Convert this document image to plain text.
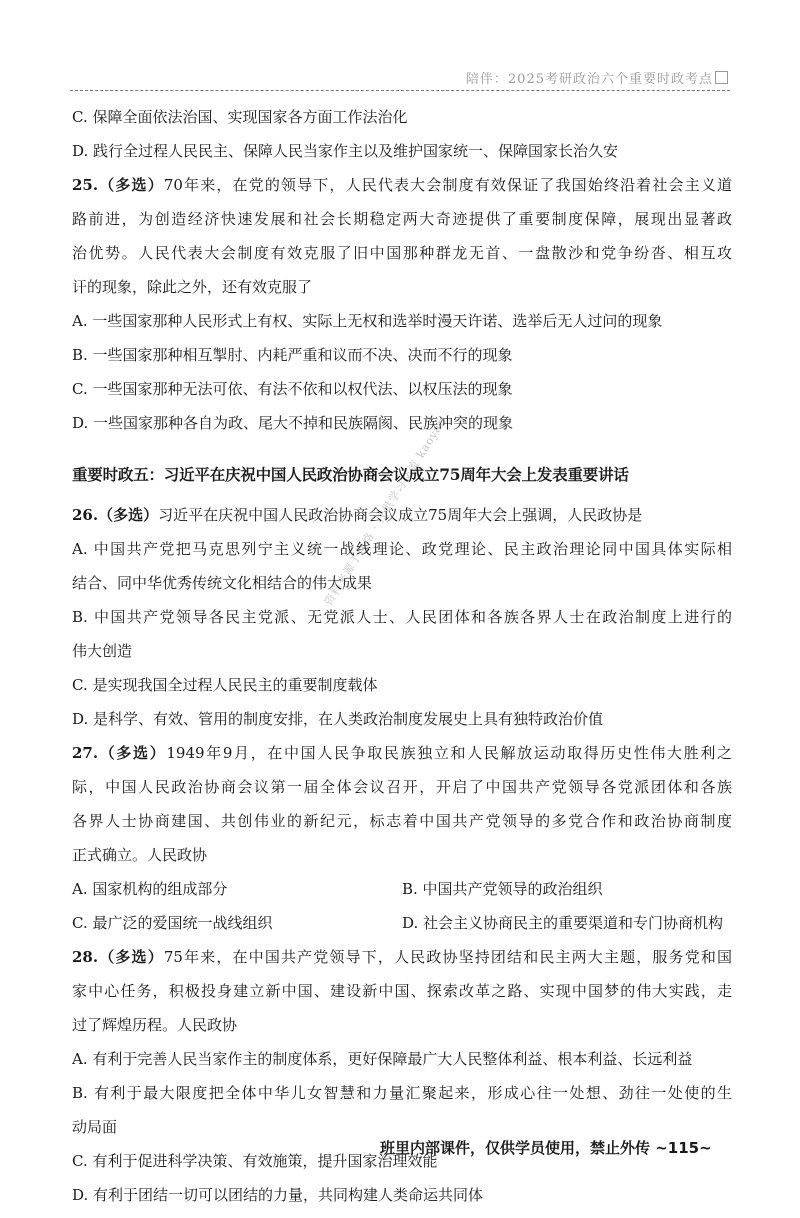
陪伴：2025考研政治六个重要时政考点
资料来源于网络 · 仅供学习交流 kaoyan
C. 保障全面依法治国、实现国家各方面工作法治化
D. 践行全过程人民民主、保障人民当家作主以及维护国家统一、保障国家长治久安
25.（多选）70年来，在党的领导下，人民代表大会制度有效保证了我国始终沿着社会主义道
路前进，为创造经济快速发展和社会长期稳定两大奇迹提供了重要制度保障，展现出显著政
治优势。人民代表大会制度有效克服了旧中国那种群龙无首、一盘散沙和党争纷沓、相互攻
讦的现象，除此之外，还有效克服了
A. 一些国家那种人民形式上有权、实际上无权和选举时漫天许诺、选举后无人过问的现象
B. 一些国家那种相互掣肘、内耗严重和议而不决、决而不行的现象
C. 一些国家那种无法可依、有法不依和以权代法、以权压法的现象
D. 一些国家那种各自为政、尾大不掉和民族隔阂、民族冲突的现象
重要时政五：习近平在庆祝中国人民政治协商会议成立75周年大会上发表重要讲话
26.（多选）习近平在庆祝中国人民政治协商会议成立75周年大会上强调，人民政协是
A. 中国共产党把马克思列宁主义统一战线理论、政党理论、民主政治理论同中国具体实际相
结合、同中华优秀传统文化相结合的伟大成果
B. 中国共产党领导各民主党派、无党派人士、人民团体和各族各界人士在政治制度上进行的
伟大创造
C. 是实现我国全过程人民民主的重要制度载体
D. 是科学、有效、管用的制度安排，在人类政治制度发展史上具有独特政治价值
27.（多选）1949年9月，在中国人民争取民族独立和人民解放运动取得历史性伟大胜利之
际，中国人民政治协商会议第一届全体会议召开，开启了中国共产党领导各党派团体和各族
各界人士协商建国、共创伟业的新纪元，标志着中国共产党领导的多党合作和政治协商制度
正式确立。人民政协
A. 国家机构的组成部分	B. 中国共产党领导的政治组织
C. 最广泛的爱国统一战线组织	D. 社会主义协商民主的重要渠道和专门协商机构
28.（多选）75年来，在中国共产党领导下，人民政协坚持团结和民主两大主题，服务党和国
家中心任务，积极投身建立新中国、建设新中国、探索改革之路、实现中国梦的伟大实践，走
过了辉煌历程。人民政协
A. 有利于完善人民当家作主的制度体系，更好保障最广大人民整体利益、根本利益、长远利益
B. 有利于最大限度把全体中华儿女智慧和力量汇聚起来，形成心往一处想、劲往一处使的生
动局面
C. 有利于促进科学决策、有效施策，提升国家治理效能
D. 有利于团结一切可以团结的力量，共同构建人类命运共同体
班里内部课件，仅供学员使用，禁止外传 ~115~
